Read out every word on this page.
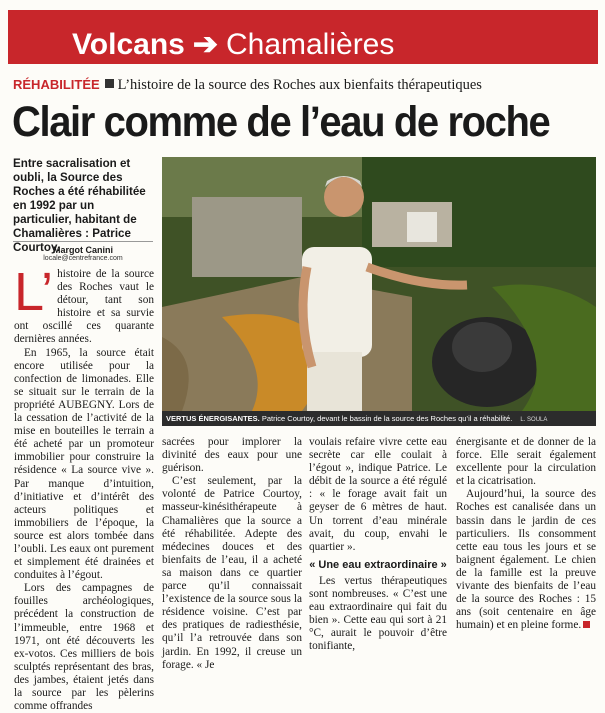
Volcans ➔ Chamalières
RÉHABILITÉE L’histoire de la source des Roches aux bienfaits thérapeutiques
Clair comme de l’eau de roche
Entre sacralisation et oubli, la Source des Roches a été réhabilitée en 1992 par un particulier, habitant de Chamalières : Patrice Courtoy.
Margot Canini
locale@centrefrance.com
VERTUS ÉNERGISANTES. Patrice Courtoy, devant le bassin de la source des Roches qu’il a réhabilité. L. SOULA

L’ histoire de la source des Roches vaut le détour, tant son histoire et sa survie ont oscillé ces quarante dernières années.

En 1965, la source était encore utilisée pour la confection de limonades. Elle se situait sur le terrain de la propriété AUBEGNY. Lors de la cessation de l’activité de la mise en bouteilles le terrain a été acheté par un promoteur immobilier pour construire la résidence « La source vive ». Par manque d’intuition, d’initiative et d’intérêt des acteurs politiques et immobiliers de l’époque, la source est alors tombée dans l’oubli. Les eaux ont purement et simplement été drainées et conduites à l’égout.

Lors des campagnes de fouilles archéologiques, précédent la construction de l’immeuble, entre 1968 et 1971, ont été découverts les ex-votos. Ces milliers de bois sculptés représentant des bras, des jambes, étaient jetés dans la source par les pèlerins comme offrandes

sacrées pour implorer la divinité des eaux pour une guérison.

C’est seulement, par la volonté de Patrice Courtoy, masseur-kinésithérapeute à Chamalières que la source a été réhabilitée. Adepte des médecines douces et des bienfaits de l’eau, il a acheté sa maison dans ce quartier parce qu’il connaissait l’existence de la source sous la résidence voisine. C’est par des pratiques de radiesthésie, qu’il l’a retrouvée dans son jardin. En 1992, il creuse un forage. « Je

voulais refaire vivre cette eau secrète car elle coulait à l’égout », indique Patrice. Le débit de la source a été régulé : « le forage avait fait un geyser de 6 mètres de haut. Un torrent d’eau minérale avait, du coup, envahi le quartier ».

« Une eau extraordinaire »

Les vertus thérapeutiques sont nombreuses. « C’est une eau extraordinaire qui fait du bien ». Cette eau qui sort à 21 °C, aurait le pouvoir d’être tonifiante,

énergisante et de donner de la force. Elle serait également excellente pour la circulation et la cicatrisation.

Aujourd’hui, la source des Roches est canalisée dans un bassin dans le jardin de ces particuliers. Ils consomment cette eau tous les jours et se baignent également. Le chien de la famille est la preuve vivante des bienfaits de l’eau de la source des Roches : 15 ans (soit centenaire en âge humain) et en pleine forme.
